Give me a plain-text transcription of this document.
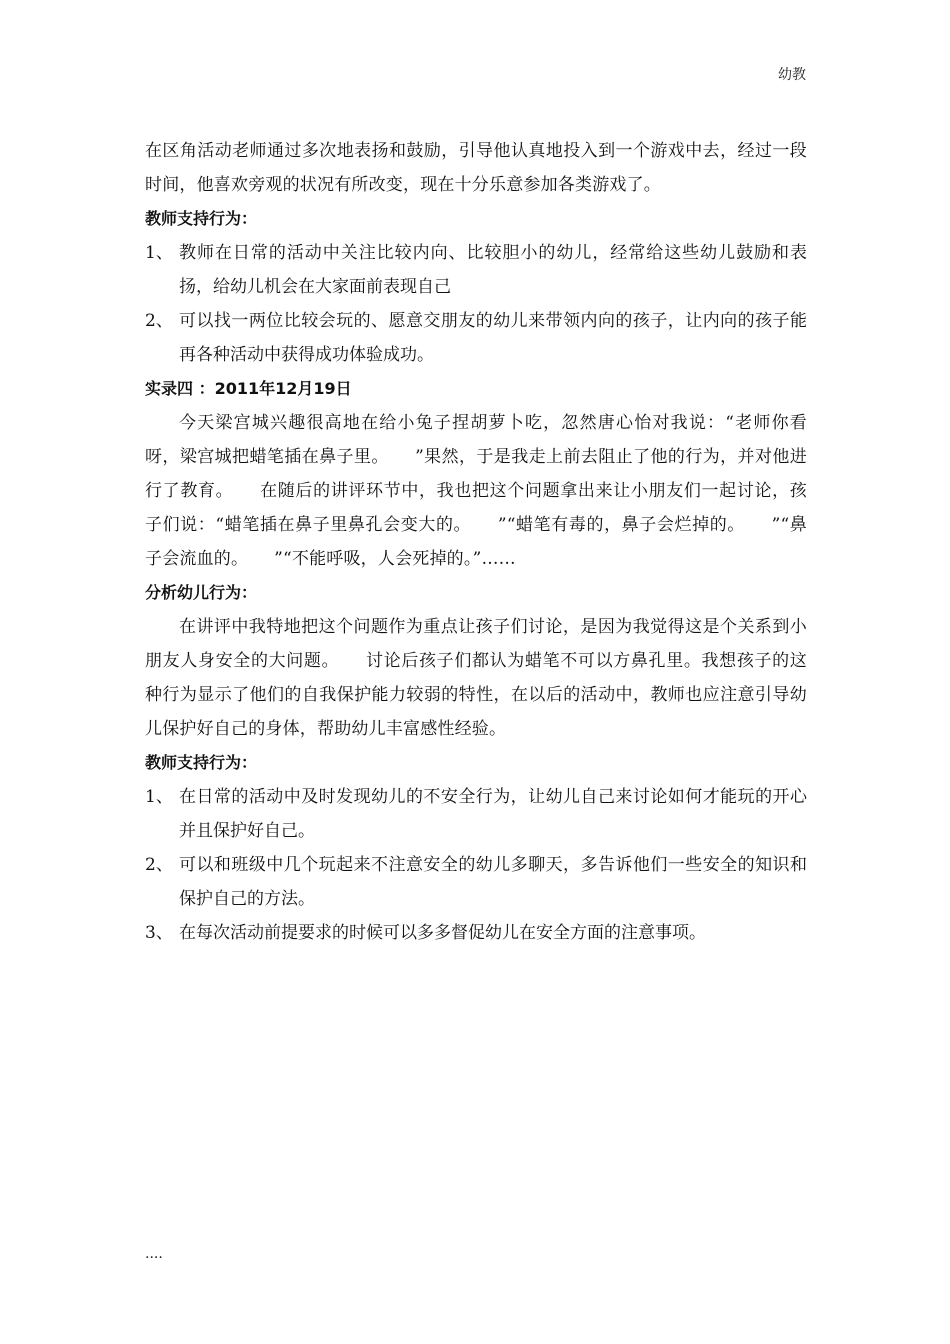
幼教

在区角活动老师通过多次地表扬和鼓励，引导他认真地投入到一个游戏中去，经过一段时间，他喜欢旁观的状况有所改变，现在十分乐意参加各类游戏了。

教师支持行为：

1、 教师在日常的活动中关注比较内向、比较胆小的幼儿，经常给这些幼儿鼓励和表扬，给幼儿机会在大家面前表现自己
2、 可以找一两位比较会玩的、愿意交朋友的幼儿来带领内向的孩子，让内向的孩子能再各种活动中获得成功体验成功。

实录四 ：2011年12月19日

今天梁宫城兴趣很高地在给小兔子捏胡萝卜吃，忽然唐心怡对我说：“老师你看呀，梁宫城把蜡笔插在鼻子里。　　”果然，于是我走上前去阻止了他的行为，并对他进行了教育。　　在随后的讲评环节中，我也把这个问题拿出来让小朋友们一起讨论，孩子们说：“蜡笔插在鼻子里鼻孔会变大的。　　”“蜡笔有毒的，鼻子会烂掉的。　　”“鼻子会流血的。　　”“不能呼吸，人会死掉的。”……

分析幼儿行为：

在讲评中我特地把这个问题作为重点让孩子们讨论，是因为我觉得这是个关系到小朋友人身安全的大问题。　　讨论后孩子们都认为蜡笔不可以方鼻孔里。我想孩子的这种行为显示了他们的自我保护能力较弱的特性，在以后的活动中，教师也应注意引导幼儿保护好自己的身体，帮助幼儿丰富感性经验。

教师支持行为：

1、 在日常的活动中及时发现幼儿的不安全行为，让幼儿自己来讨论如何才能玩的开心并且保护好自己。
2、 可以和班级中几个玩起来不注意安全的幼儿多聊天，多告诉他们一些安全的知识和保护自己的方法。
3、 在每次活动前提要求的时候可以多多督促幼儿在安全方面的注意事项。
....
